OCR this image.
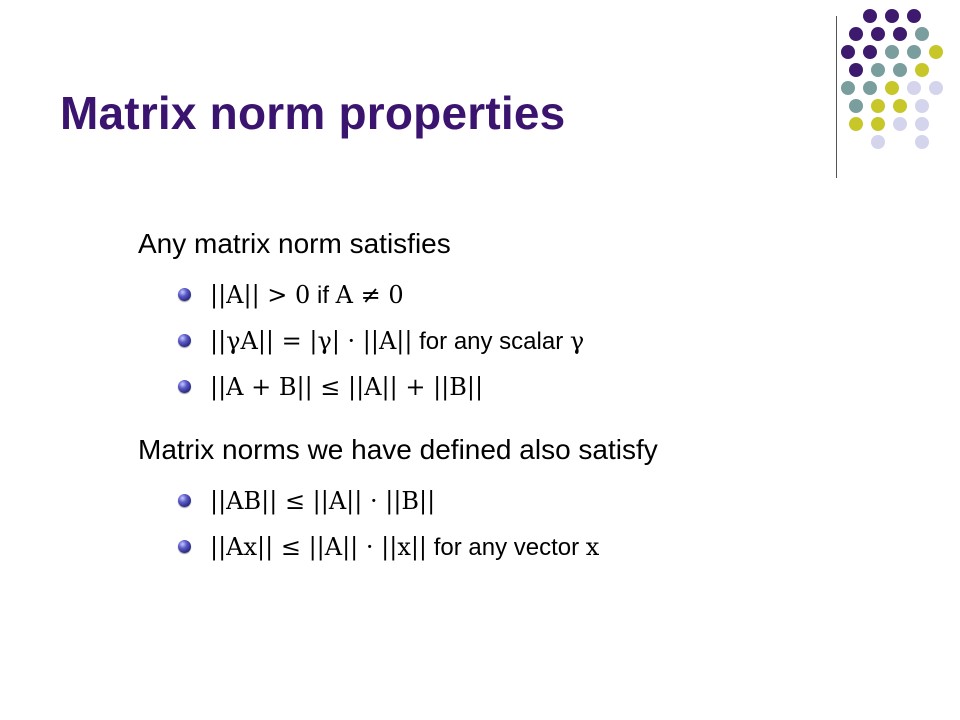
Matrix norm properties
Any matrix norm satisfies
||A|| > 0 if A ≠ 0
||γA|| = |γ| · ||A|| for any scalar γ
||A + B|| ≤ ||A|| + ||B||
Matrix norms we have defined also satisfy
||AB|| ≤ ||A|| · ||B||
||Ax|| ≤ ||A|| · ||x|| for any vector x
